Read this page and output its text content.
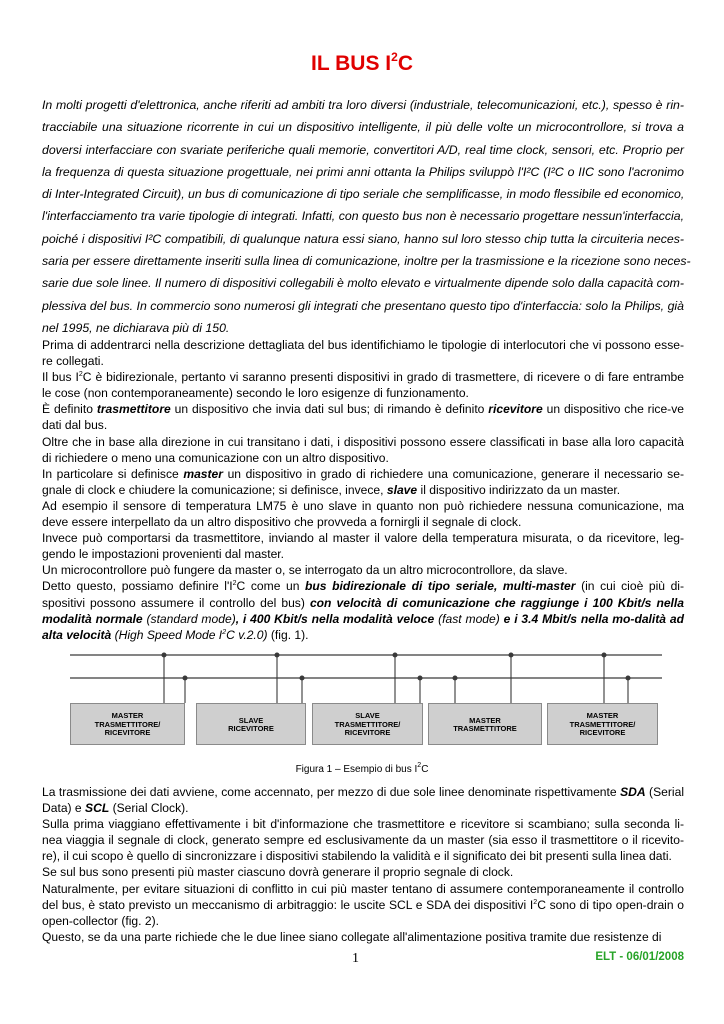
IL BUS $I^2C$
In molti progetti d'elettronica, anche riferiti ad ambiti tra loro diversi (industriale, telecomunicazioni, etc.), spesso è rin-
tracciabile una situazione ricorrente in cui un dispositivo intelligente, il più delle volte un microcontrollore, si trova a
doversi interfacciare con svariate periferiche quali memorie, convertitori A/D, real time clock, sensori, etc. Proprio per
la frequenza di questa situazione progettuale, nei primi anni ottanta la Philips sviluppò l'I²C (I²C o IIC sono l'acronimo
di Inter-Integrated Circuit), un bus di comunicazione di tipo seriale che semplificasse, in modo flessibile ed economico,
l'interfacciamento tra varie tipologie di integrati. Infatti, con questo bus non è necessario progettare nessun'interfaccia,
poiché i dispositivi I²C compatibili, di qualunque natura essi siano, hanno sul loro stesso chip tutta la circuiteria neces-
saria per essere direttamente inseriti sulla linea di comunicazione, inoltre per la trasmissione e la ricezione sono neces-
sarie due sole linee. Il numero di dispositivi collegabili è molto elevato e virtualmente dipende solo dalla capacità com-
plessiva del bus. In commercio sono numerosi gli integrati che presentano questo tipo d'interfaccia: solo la Philips, già
nel 1995, ne dichiarava più di 150.

Prima di addentrarci nella descrizione dettagliata del bus identifichiamo le tipologie di interlocutori che vi possono esse-re collegati.

Il bus $I^2C$ è bidirezionale, pertanto vi saranno presenti dispositivi in grado di trasmettere, di ricevere o di fare entrambe le cose (non contemporaneamente) secondo le loro esigenze di funzionamento.

È definito trasmettitore un dispositivo che invia dati sul bus; di rimando è definito ricevitore un dispositivo che rice-ve dati dal bus.

Oltre che in base alla direzione in cui transitano i dati, i dispositivi possono essere classificati in base alla loro capacità di richiedere o meno una comunicazione con un altro dispositivo.

In particolare si definisce master un dispositivo in grado di richiedere una comunicazione, generare il necessario se-gnale di clock e chiudere la comunicazione; si definisce, invece, slave il dispositivo indirizzato da un master.

Ad esempio il sensore di temperatura LM75 è uno slave in quanto non può richiedere nessuna comunicazione, ma deve essere interpellato da un altro dispositivo che provveda a fornirgli il segnale di clock.

Invece può comportarsi da trasmettitore, inviando al master il valore della temperatura misurata, o da ricevitore, leg-gendo le impostazioni provenienti dal master.

Un microcontrollore può fungere da master o, se interrogato da un altro microcontrollore, da slave.

Detto questo, possiamo definire $l'I^2C$ come un bus bidirezionale di tipo seriale, multi-master (in cui cioè più di-spositivi possono assumere il controllo del bus) con velocità di comunicazione che raggiunge i 100 Kbit/s nella modalità normale (standard mode), i 400 Kbit/s nella modalità veloce (fast mode) e i 3.4 Mbit/s nella mo-dalità ad alta velocità (High Speed Mode $I^2C$ v.2.0) (fig. 1).

MASTER
TRASMETTITORE/
RICEVITORE
SLAVE
RICEVITORE
SLAVE
TRASMETTITORE/
RICEVITORE
MASTER
TRASMETTITORE
MASTER
TRASMETTITORE/
RICEVITORE
Figura 1 – Esempio di bus $I^2C$

La trasmissione dei dati avviene, come accennato, per mezzo di due sole linee denominate rispettivamente SDA (Serial Data) e SCL (Serial Clock).

Sulla prima viaggiano effettivamente i bit d'informazione che trasmettitore e ricevitore si scambiano; sulla seconda li-nea viaggia il segnale di clock, generato sempre ed esclusivamente da un master (sia esso il trasmettitore o il ricevito-re), il cui scopo è quello di sincronizzare i dispositivi stabilendo la validità e il significato dei bit presenti sulla linea dati.

Se sul bus sono presenti più master ciascuno dovrà generare il proprio segnale di clock.

Naturalmente, per evitare situazioni di conflitto in cui più master tentano di assumere contemporaneamente il controllo del bus, è stato previsto un meccanismo di arbitraggio: le uscite SCL e SDA dei dispositivi $I^2C$ sono di tipo open-drain o open-collector (fig. 2).

Questo, se da una parte richiede che le due linee siano collegate all'alimentazione positiva tramite due resistenze di

1	ELT - 06/01/2008
